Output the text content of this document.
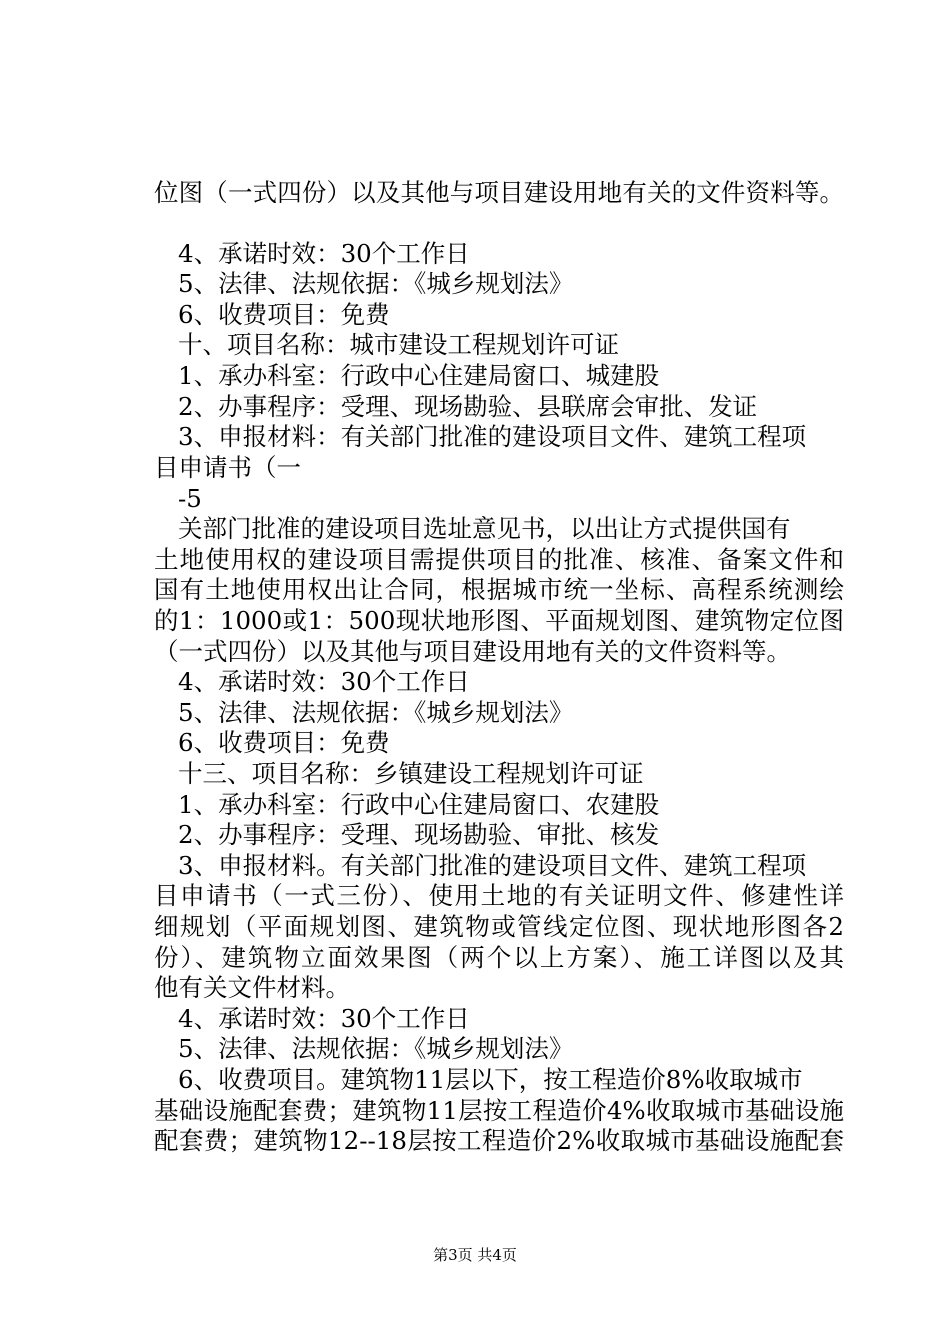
位图（一式四份）以及其他与项目建设用地有关的文件资料等。
4、承诺时效：30个工作日
5、法律、法规依据：《城乡规划法》
6、收费项目：免费
十、项目名称：城市建设工程规划许可证
1、承办科室：行政中心住建局窗口、城建股
2、办事程序：受理、现场勘验、县联席会审批、发证
3、申报材料：有关部门批准的建设项目文件、建筑工程项
目申请书（一
-5
关部门批准的建设项目选址意见书，以出让方式提供国有
土地使用权的建设项目需提供项目的批准、核准、备案文件和
国有土地使用权出让合同，根据城市统一坐标、高程系统测绘
的1：1000或1：500现状地形图、平面规划图、建筑物定位图
（一式四份）以及其他与项目建设用地有关的文件资料等。
4、承诺时效：30个工作日
5、法律、法规依据：《城乡规划法》
6、收费项目：免费
十三、项目名称：乡镇建设工程规划许可证
1、承办科室：行政中心住建局窗口、农建股
2、办事程序：受理、现场勘验、审批、核发
3、申报材料。有关部门批准的建设项目文件、建筑工程项
目申请书（一式三份）、使用土地的有关证明文件、修建性详
细规划（平面规划图、建筑物或管线定位图、现状地形图各2
份）、建筑物立面效果图（两个以上方案）、施工详图以及其
他有关文件材料。
4、承诺时效：30个工作日
5、法律、法规依据：《城乡规划法》
6、收费项目。建筑物11层以下，按工程造价8%收取城市
基础设施配套费；建筑物11层按工程造价4%收取城市基础设施
配套费；建筑物12--18层按工程造价2%收取城市基础设施配套
第3页 共4页
